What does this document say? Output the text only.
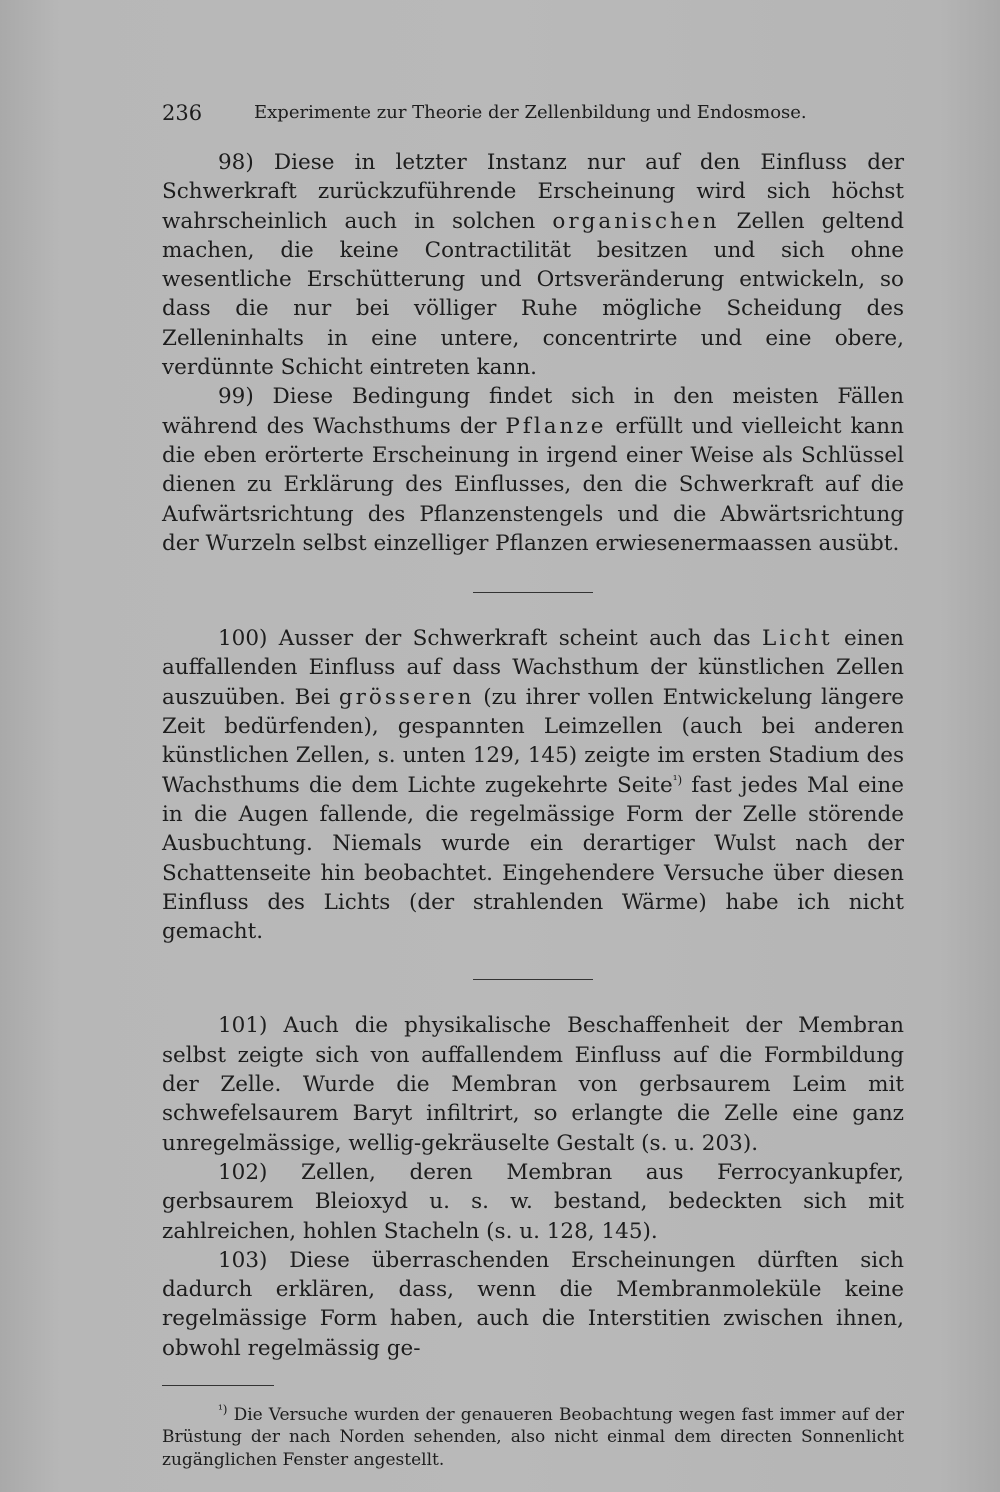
236	Experimente zur Theorie der Zellenbildung und Endosmose.

98) Diese in letzter Instanz nur auf den Einfluss der Schwerkraft zurückzuführende Erscheinung wird sich höchst wahrscheinlich auch in solchen organischen Zellen geltend machen, die keine Contractilität besitzen und sich ohne wesentliche Erschütterung und Ortsveränderung entwickeln, so dass die nur bei völliger Ruhe mögliche Scheidung des Zelleninhalts in eine untere, concentrirte und eine obere, verdünnte Schicht eintreten kann.

99) Diese Bedingung findet sich in den meisten Fällen während des Wachsthums der Pflanze erfüllt und vielleicht kann die eben erörterte Erscheinung in irgend einer Weise als Schlüssel dienen zu Erklärung des Einflusses, den die Schwerkraft auf die Aufwärtsrichtung des Pflanzenstengels und die Abwärtsrichtung der Wurzeln selbst einzelliger Pflanzen erwiesenermaassen ausübt.

100) Ausser der Schwerkraft scheint auch das Licht einen auffallenden Einfluss auf dass Wachsthum der künstlichen Zellen auszuüben. Bei grösseren (zu ihrer vollen Entwickelung längere Zeit bedürfenden), gespannten Leimzellen (auch bei anderen künstlichen Zellen, s. unten 129, 145) zeigte im ersten Stadium des Wachsthums die dem Lichte zugekehrte Seite$^{^1)}$ fast jedes Mal eine in die Augen fallende, die regelmässige Form der Zelle störende Ausbuchtung. Niemals wurde ein derartiger Wulst nach der Schattenseite hin beobachtet. Eingehendere Versuche über diesen Einfluss des Lichts (der strahlenden Wärme) habe ich nicht gemacht.

101) Auch die physikalische Beschaffenheit der Membran selbst zeigte sich von auffallendem Einfluss auf die Formbildung der Zelle. Wurde die Membran von gerbsaurem Leim mit schwefelsaurem Baryt infiltrirt, so erlangte die Zelle eine ganz unregelmässige, wellig-gekräuselte Gestalt (s. u. 203).

102) Zellen, deren Membran aus Ferrocyankupfer, gerbsaurem Bleioxyd u. s. w. bestand, bedeckten sich mit zahlreichen, hohlen Stacheln (s. u. 128, 145).

103) Diese überraschenden Erscheinungen dürften sich dadurch erklären, dass, wenn die Membranmoleküle keine regelmässige Form haben, auch die Interstitien zwischen ihnen, obwohl regelmässig ge-

$^{^1)}$ Die Versuche wurden der genaueren Beobachtung wegen fast immer auf der Brüstung der nach Norden sehenden, also nicht einmal dem directen Sonnenlicht zugänglichen Fenster angestellt.
